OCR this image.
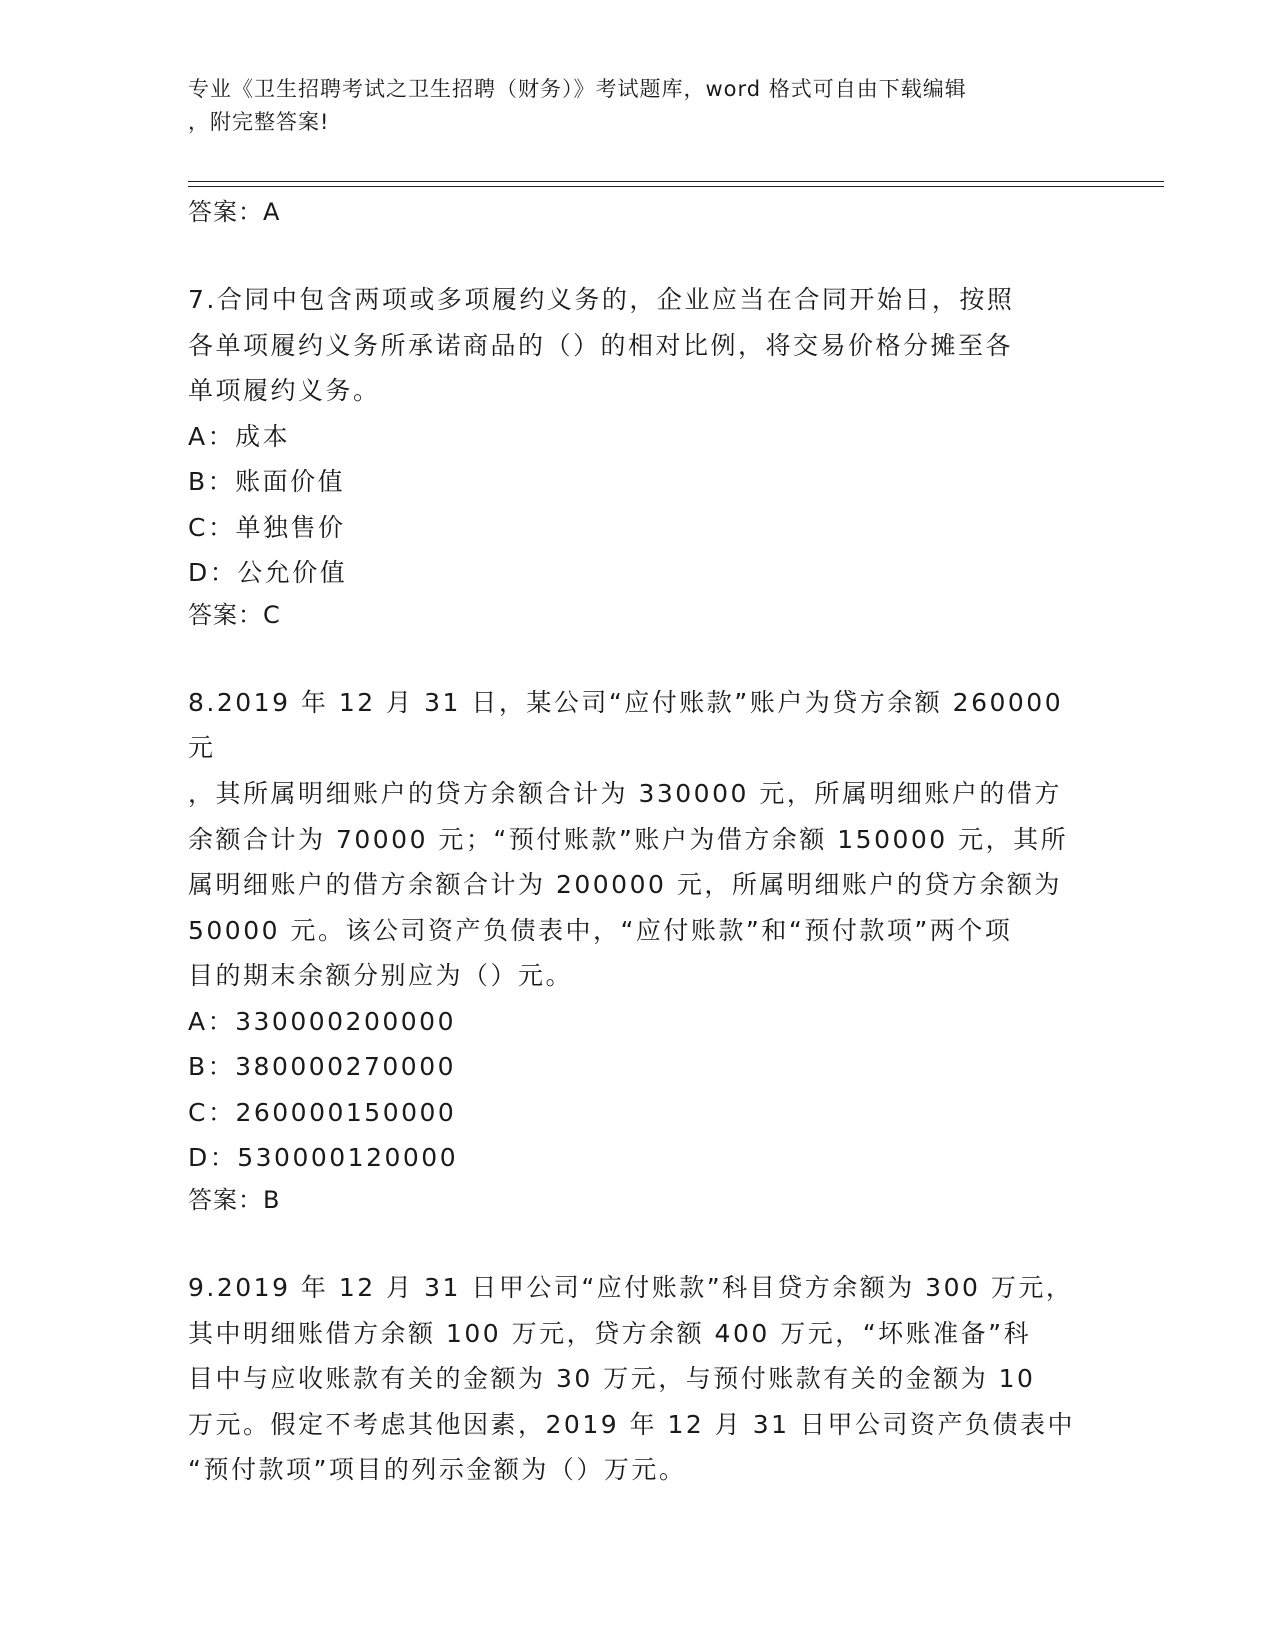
专业《卫生招聘考试之卫生招聘（财务）》考试题库，word 格式可自由下载编辑
，附完整答案!
答案：A
7.合同中包含两项或多项履约义务的，企业应当在合同开始日，按照
各单项履约义务所承诺商品的（）的相对比例，将交易价格分摊至各
单项履约义务。
A：成本
B：账面价值
C：单独售价
D：公允价值
答案：C
8.2019 年 12 月 31 日，某公司“应付账款”账户为贷方余额 260000 元
，其所属明细账户的贷方余额合计为 330000 元，所属明细账户的借方
余额合计为 70000 元；“预付账款”账户为借方余额 150000 元，其所
属明细账户的借方余额合计为 200000 元，所属明细账户的贷方余额为
50000 元。该公司资产负债表中，“应付账款”和“预付款项”两个项
目的期末余额分别应为（）元。
A：330000200000
B：380000270000
C：260000150000
D：530000120000
答案：B
9.2019 年 12 月 31 日甲公司“应付账款”科目贷方余额为 300 万元，
其中明细账借方余额 100 万元，贷方余额 400 万元，“坏账准备”科
目中与应收账款有关的金额为 30 万元，与预付账款有关的金额为 10
万元。假定不考虑其他因素，2019 年 12 月 31 日甲公司资产负债表中
“预付款项”项目的列示金额为（）万元。
